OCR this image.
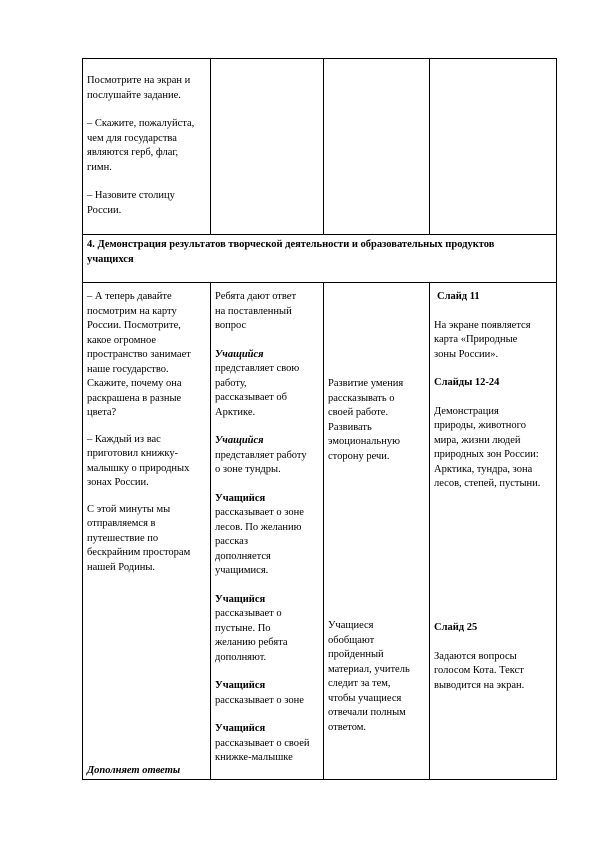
Посмотрите на экран и
послушайте задание.

– Скажите, пожалуйста,
чем для государства
являются герб, флаг,
гимн.

– Назовите столицу
России.

4. Демонстрация результатов творческой деятельности и образовательных продуктов
учащихся

– А теперь давайте
посмотрим на карту
России. Посмотрите,
какое огромное
пространство занимает
наше государство.
Скажите, почему она
раскрашена в разные
цвета?

– Каждый из вас
приготовил книжку-
малышку о природных
зонах России.

С этой минуты мы
отправляемся в
путешествие по
бескрайним просторам
нашей Родины.

Дополняет ответы

Ребята дают ответ
на поставленный
вопрос

Учащийся

представляет свою
работу,
рассказывает об
Арктике.

Учащийся

представляет работу
о зоне тундры.

Учащийся

рассказывает о зоне
лесов. По желанию
рассказ
дополняется
учащимися.

Учащийся

рассказывает о
пустыне. По
желанию ребята
дополняют.

Учащийся

рассказывает о зоне

Учащийся

рассказывает о своей
книжке-малышке

Развитие умения
рассказывать о
своей работе.
Развивать
эмоциональную
сторону речи.

Учащиеся
обобщают
пройденный
материал, учитель
следит за тем,
чтобы учащиеся
отвечали полным
ответом.

Слайд 11

На экране появляется
карта «Природные
зоны России».

Слайды 12-24

Демонстрация
природы, животного
мира, жизни людей
природных зон России:
Арктика, тундра, зона
лесов, степей, пустыни.

Слайд 25

Задаются вопросы
голосом Кота. Текст
выводится на экран.
